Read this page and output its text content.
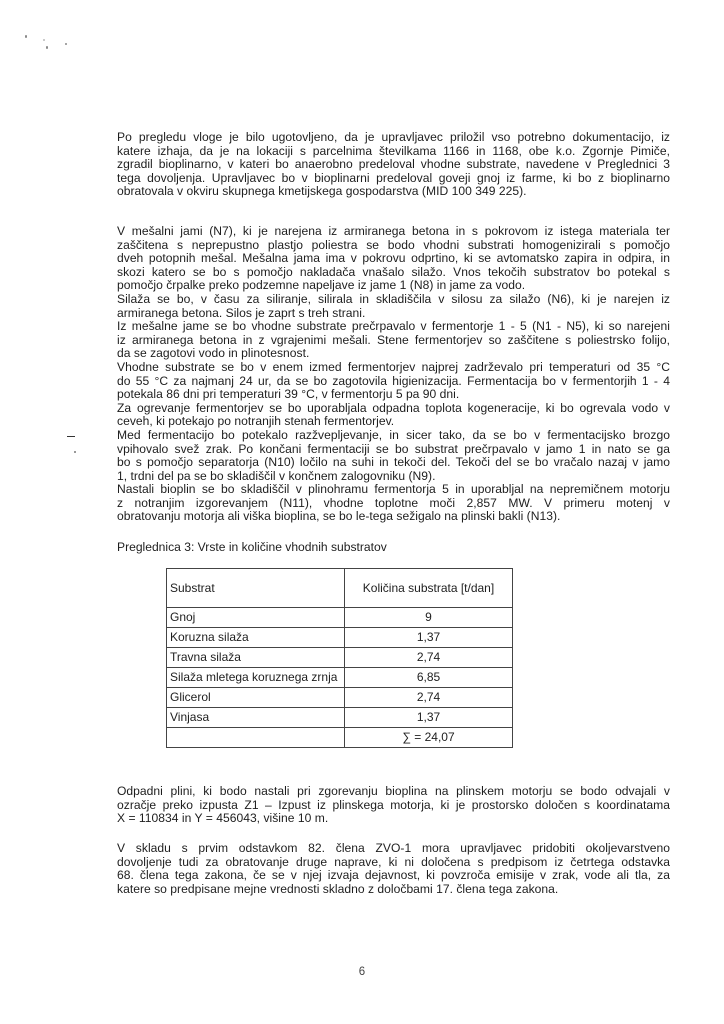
Po pregledu vloge je bilo ugotovljeno, da je upravljavec priložil vso potrebno dokumentacijo, iz
katere izhaja, da je na lokaciji s parcelnima številkama 1166 in 1168, obe k.o. Zgornje Pimiče,
zgradil bioplinarno, v kateri bo anaerobno predeloval vhodne substrate, navedene v Preglednici 3
tega dovoljenja. Upravljavec bo v bioplinarni predeloval goveji gnoj iz farme, ki bo z bioplinarno
obratovala v okviru skupnega kmetijskega gospodarstva (MID 100 349 225).
V mešalni jami (N7), ki je narejena iz armiranega betona in s pokrovom iz istega materiala ter
zaščitena s neprepustno plastjo poliestra se bodo vhodni substrati homogenizirali s pomočjo
dveh potopnih mešal. Mešalna jama ima v pokrovu odprtino, ki se avtomatsko zapira in odpira, in
skozi katero se bo s pomočjo nakladača vnašalo silažo. Vnos tekočih substratov bo potekal s
pomočjo črpalke preko podzemne napeljave iz jame 1 (N8) in jame za vodo.
Silaža se bo, v času za siliranje, silirala in skladiščila v silosu za silažo (N6), ki je narejen iz
armiranega betona. Silos je zaprt s treh strani.
Iz mešalne jame se bo vhodne substrate prečrpavalo v fermentorje 1 - 5 (N1 - N5), ki so narejeni
iz armiranega betona in z vgrajenimi mešali. Stene fermentorjev so zaščitene s poliestrsko folijo,
da se zagotovi vodo in plinotesnost.
Vhodne substrate se bo v enem izmed fermentorjev najprej zadrževalo pri temperaturi od 35 °C
do 55 °C za najmanj 24 ur, da se bo zagotovila higienizacija. Fermentacija bo v fermentorjih 1 - 4
potekala 86 dni pri temperaturi 39 °C, v fermentorju 5 pa 90 dni.
Za ogrevanje fermentorjev se bo uporabljala odpadna toplota kogeneracije, ki bo ogrevala vodo v
ceveh, ki potekajo po notranjih stenah fermentorjev.
Med fermentacijo bo potekalo razžvepljevanje, in sicer tako, da se bo v fermentacijsko brozgo
vpihovalo svež zrak. Po končani fermentaciji se bo substrat prečrpavalo v jamo 1 in nato se ga
bo s pomočjo separatorja (N10) ločilo na suhi in tekoči del. Tekoči del se bo vračalo nazaj v jamo
1, trdni del pa se bo skladiščil v končnem zalogovniku (N9).
Nastali bioplin se bo skladiščil v plinohramu fermentorja 5 in uporabljal na nepremičnem motorju
z notranjim izgorevanjem (N11), vhodne toplotne moči 2,857 MW. V primeru motenj v
obratovanju motorja ali viška bioplina, se bo le-tega sežigalo na plinski bakli (N13).
Preglednica 3: Vrste in količine vhodnih substratov
Substrat	Količina substrata [t/dan]
Gnoj	9
Koruzna silaža	1,37
Travna silaža	2,74
Silaža mletega koruznega zrnja	6,85
Glicerol	2,74
Vinjasa	1,37
	∑ = 24,07
Odpadni plini, ki bodo nastali pri zgorevanju bioplina na plinskem motorju se bodo odvajali v
ozračje preko izpusta Z1 – Izpust iz plinskega motorja, ki je prostorsko določen s koordinatama
X = 110834 in Y = 456043, višine 10 m.
V skladu s prvim odstavkom 82. člena ZVO-1 mora upravljavec pridobiti okoljevarstveno
dovoljenje tudi za obratovanje druge naprave, ki ni določena s predpisom iz četrtega odstavka
68. člena tega zakona, če se v njej izvaja dejavnost, ki povzroča emisije v zrak, vode ali tla, za
katere so predpisane mejne vrednosti skladno z določbami 17. člena tega zakona.
6
